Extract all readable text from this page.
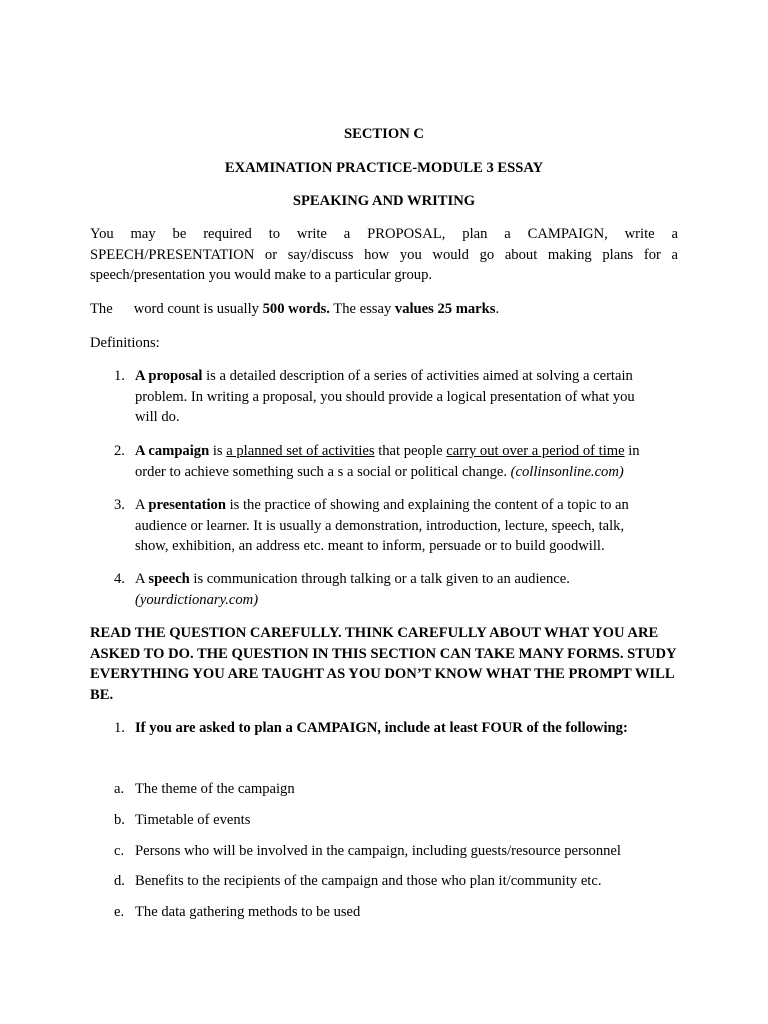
SECTION C

EXAMINATION PRACTICE-MODULE 3 ESSAY

SPEAKING AND WRITING

You may be required to write a PROPOSAL, plan a CAMPAIGN, write a
SPEECH/PRESENTATION or say/discuss how you would go about making plans for a
speech/presentation you would make to a particular group.
The word count is usually 500 words. The essay values 25 marks.

Definitions:

1. A proposal is a detailed description of a series of activities aimed at solving a certain problem. In writing a proposal, you should provide a logical presentation of what you will do.
2. A campaign is a planned set of activities that people carry out over a period of time in order to achieve something such a s a social or political change. (collinsonline.com)
3. A presentation is the practice of showing and explaining the content of a topic to an audience or learner. It is usually a demonstration, introduction, lecture, speech, talk, show, exhibition, an address etc. meant to inform, persuade or to build goodwill.
4. A speech is communication through talking or a talk given to an audience.
(yourdictionary.com)

READ THE QUESTION CAREFULLY. THINK CAREFULLY ABOUT WHAT YOU ARE ASKED TO DO. THE QUESTION IN THIS SECTION CAN TAKE MANY FORMS. STUDY EVERYTHING YOU ARE TAUGHT AS YOU DON’T KNOW WHAT THE PROMPT WILL BE.

1. If you are asked to plan a CAMPAIGN, include at least FOUR of the following:
a. The theme of the campaign
b. Timetable of events
c. Persons who will be involved in the campaign, including guests/resource personnel
d. Benefits to the recipients of the campaign and those who plan it/community etc.
e. The data gathering methods to be used
